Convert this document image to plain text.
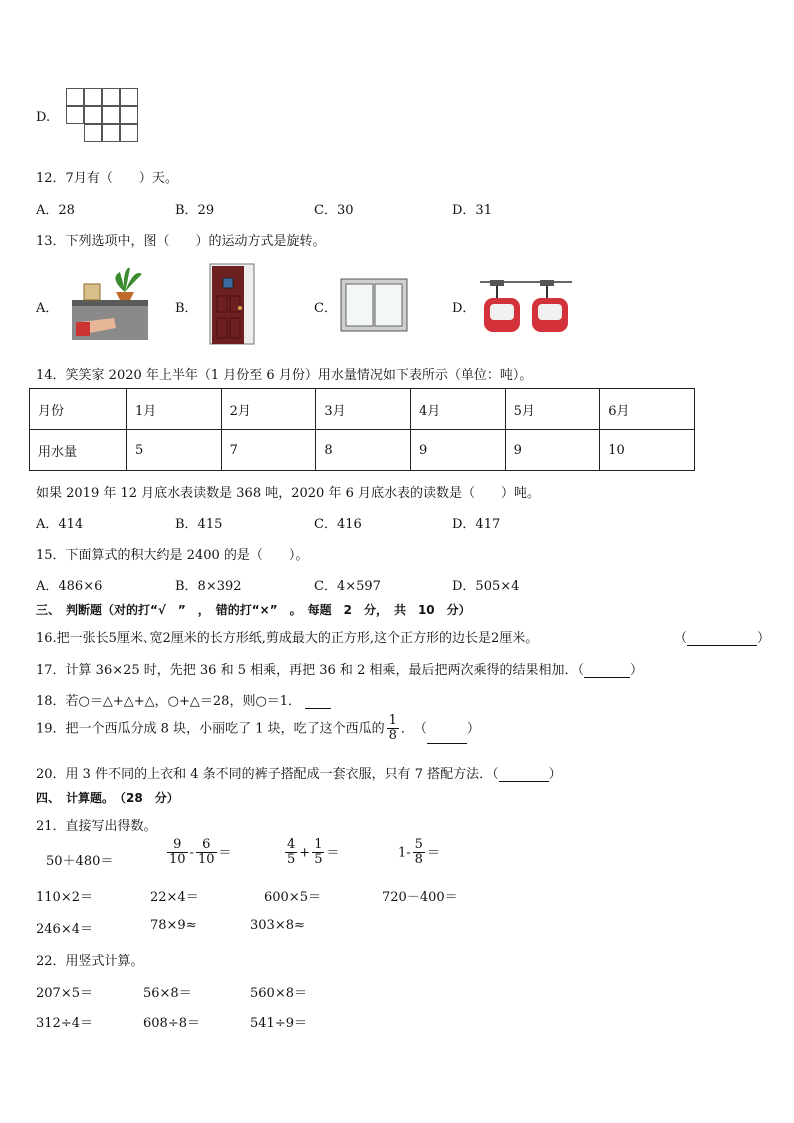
D.
12．7月有（　　）天。
A．28	B．29	C．30	D．31
13．下列选项中，图（　　）的运动方式是旋转。
A．	B．	C．	D．
14．笑笑家 2020 年上半年（1 月份至 6 月份）用水量情况如下表所示（单位：吨）。
月份	1月	2月	3月	4月	5月	6月
用水量	5	7	8	9	9	10
如果 2019 年 12 月底水表读数是 368 吨，2020 年 6 月底水表的读数是（　　）吨。
A．414	B．415	C．416	D．417
15．下面算式的积大约是 2400 的是（　　）。
A．486×6	B．8×392	C．4×597	D．505×4
三、　判断题（对的打“√　”　，　错的打“×”　。　每题　2　分，　共　10　分）
16.把一张长5厘米､宽2厘米的长方形纸,剪成最大的正方形,这个正方形的边长是2厘米｡	（	）
17．计算 36×25 时，先把 36 和 5 相乘，再把 36 和 2 相乘，最后把两次乘得的结果相加．（	）
18．若○＝△+△+△，○+△＝28，则○＝1．
19．把一个西瓜分成 8 块，小丽吃了 1 块，吃了这个西瓜的 $\frac{1}{8}$ ．　（	）
20．用 3 件不同的上衣和 4 条不同的裤子搭配成一套衣服，只有 7 搭配方法．（	）
四、　计算题。　（28　分）
21．直接写出得数。
50＋480＝	$\frac{9}{10} - \frac{6}{10}$ ＝	$\frac{4}{5} + \frac{1}{5}$ ＝	$1- \frac{5}{8}$ ＝
110×2＝	22×4＝	600×5＝	720－400＝
246×4＝	78×9≈	303×8≈
22．用竖式计算。
207×5＝	56×8＝	560×8＝
312÷4＝	608÷8＝	541÷9＝
